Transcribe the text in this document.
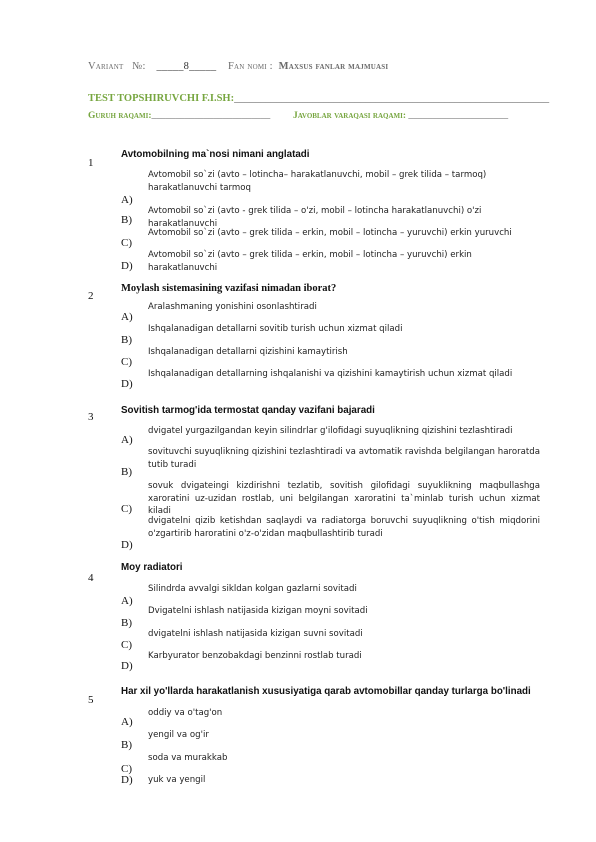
Variant №: _____8_____ Fan nomi : Maxsus fanlar majmuasi
TEST TOPSHIRUVCHI F.I.SH:____________________________________________________________
Guruh raqami:_________________________ Javoblar varaqasi raqami: _____________________
1
Avtomobilning ma`nosi nimani anglatadi
Avtomobil so`zi (avto – lotincha– harakatlanuvchi, mobil – grek tilida – tarmoq) harakatlanuvchi tarmoq
A)
Avtomobil so`zi (avto - grek tilida – o'zi, mobil – lotincha harakatlanuvchi) o'zi harakatlanuvchi
B)
Avtomobil so`zi (avto – grek tilida – erkin, mobil – lotincha – yuruvchi) erkin yuruvchi
C)
Avtomobil so`zi (avto – grek tilida – erkin, mobil – lotincha – yuruvchi) erkin harakatlanuvchi
D)
2
Moylash sistemasining vazifasi nimadan iborat?
Aralashmaning yonishini osonlashtiradi
A)
Ishqalanadigan detallarni sovitib turish uchun xizmat qiladi
B)
Ishqalanadigan detallarni qizishini kamaytirish
C)
Ishqalanadigan detallarning ishqalanishi va qizishini kamaytirish uchun xizmat qiladi
D)
3
Sovitish tarmog'ida termostat qanday vazifani bajaradi
dvigatel yurgazilgandan keyin silindrlar g'ilofidagi suyuqlikning qizishini tezlashtiradi
A)
sovituvchi suyuqlikning qizishini tezlashtiradi va avtomatik ravishda belgilangan haroratda tutib turadi
B)
sovuk dvigateingi kizdirishni tezlatib, sovitish gilofidagi suyuklikning maqbullashga xaroratini uz-uzidan rostlab, uni belgilangan xaroratini ta`minlab turish uchun xizmat kiladi
C)
dvigatelni qizib ketishdan saqlaydi va radiatorga boruvchi suyuqlikning o'tish miqdorini o'zgartirib haroratini o'z-o'zidan maqbullashtirib turadi
D)
4
Moy radiatori
Silindrda avvalgi sikldan kolgan gazlarni sovitadi
A)
Dvigatelni ishlash natijasida kizigan moyni sovitadi
B)
dvigatelni ishlash natijasida kizigan suvni sovitadi
C)
Karbyurator benzobakdagi benzinni rostlab turadi
D)
5
Har xil yo'llarda harakatlanish xususiyatiga qarab avtomobillar qanday turlarga bo'linadi
oddiy va o'tag'on
A)
yengil va og'ir
B)
soda va murakkab
C)
yuk va yengil
D)
